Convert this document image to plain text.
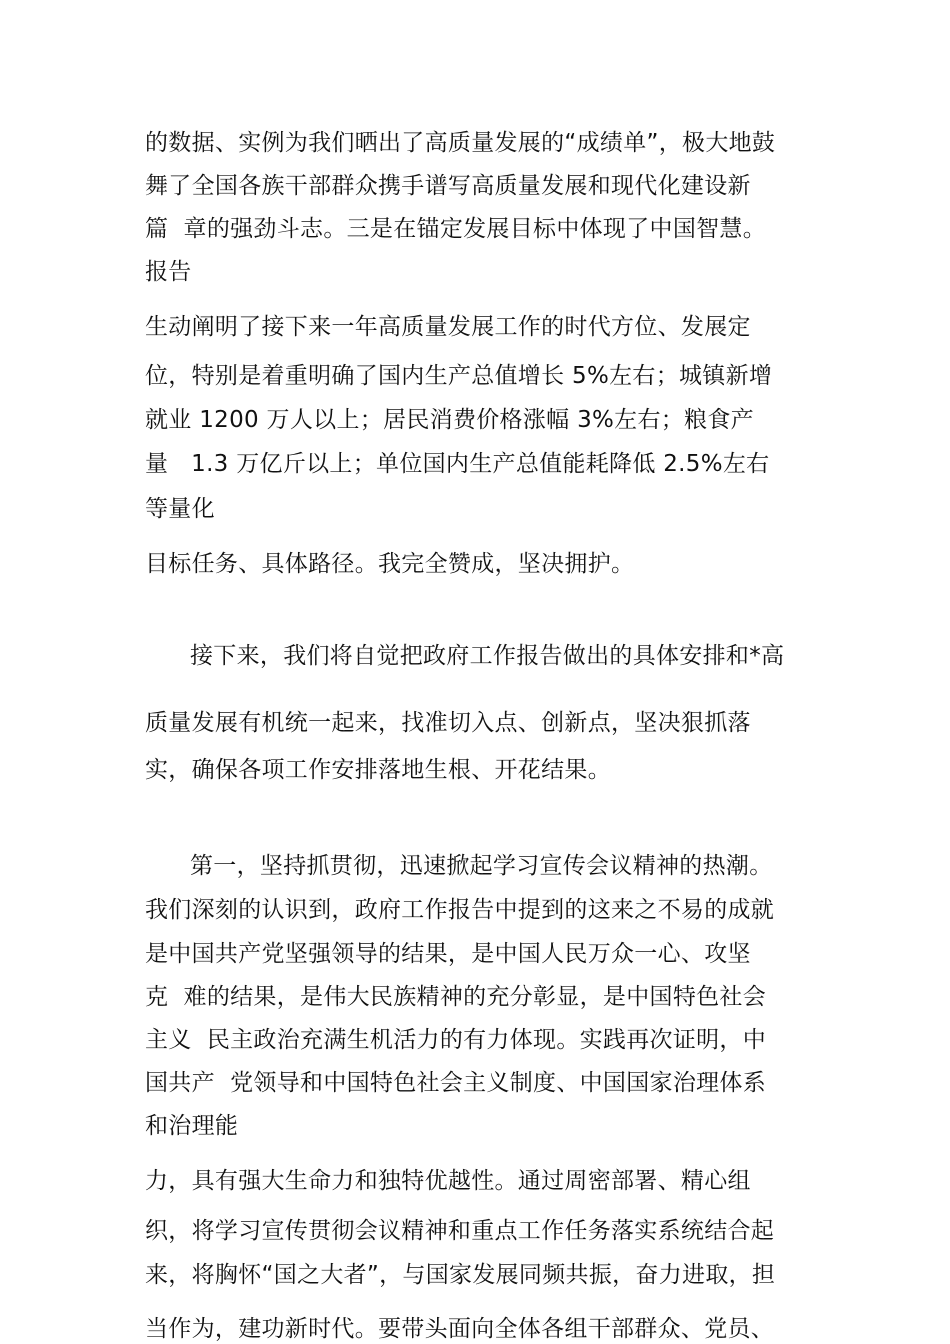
的数据、实例为我们晒出了高质量发展的“成绩单”，极大地鼓
舞了全国各族干部群众携手谱写高质量发展和现代化建设新
篇  章的强劲斗志。三是在锚定发展目标中体现了中国智慧。
报告
生动阐明了接下来一年高质量发展工作的时代方位、发展定
位，特别是着重明确了国内生产总值增长 5%左右；城镇新增
就业 1200 万人以上；居民消费价格涨幅 3%左右；粮食产
量   1.3 万亿斤以上；单位国内生产总值能耗降低 2.5%左右
等量化
目标任务、具体路径。我完全赞成，坚决拥护。
接下来，我们将自觉把政府工作报告做出的具体安排和*高
质量发展有机统一起来，找准切入点、创新点，坚决狠抓落
实，确保各项工作安排落地生根、开花结果。
第一，坚持抓贯彻，迅速掀起学习宣传会议精神的热潮。
我们深刻的认识到，政府工作报告中提到的这来之不易的成就
是中国共产党坚强领导的结果，是中国人民万众一心、攻坚
克  难的结果，是伟大民族精神的充分彰显，是中国特色社会
主义  民主政治充满生机活力的有力体现。实践再次证明，中
国共产  党领导和中国特色社会主义制度、中国国家治理体系
和治理能
力，具有强大生命力和独特优越性。通过周密部署、精心组
织，将学习宣传贯彻会议精神和重点工作任务落实系统结合起
来，将胸怀“国之大者”，与国家发展同频共振，奋力进取，担
当作为，建功新时代。要带头面向全体各组干部群众、党员、
